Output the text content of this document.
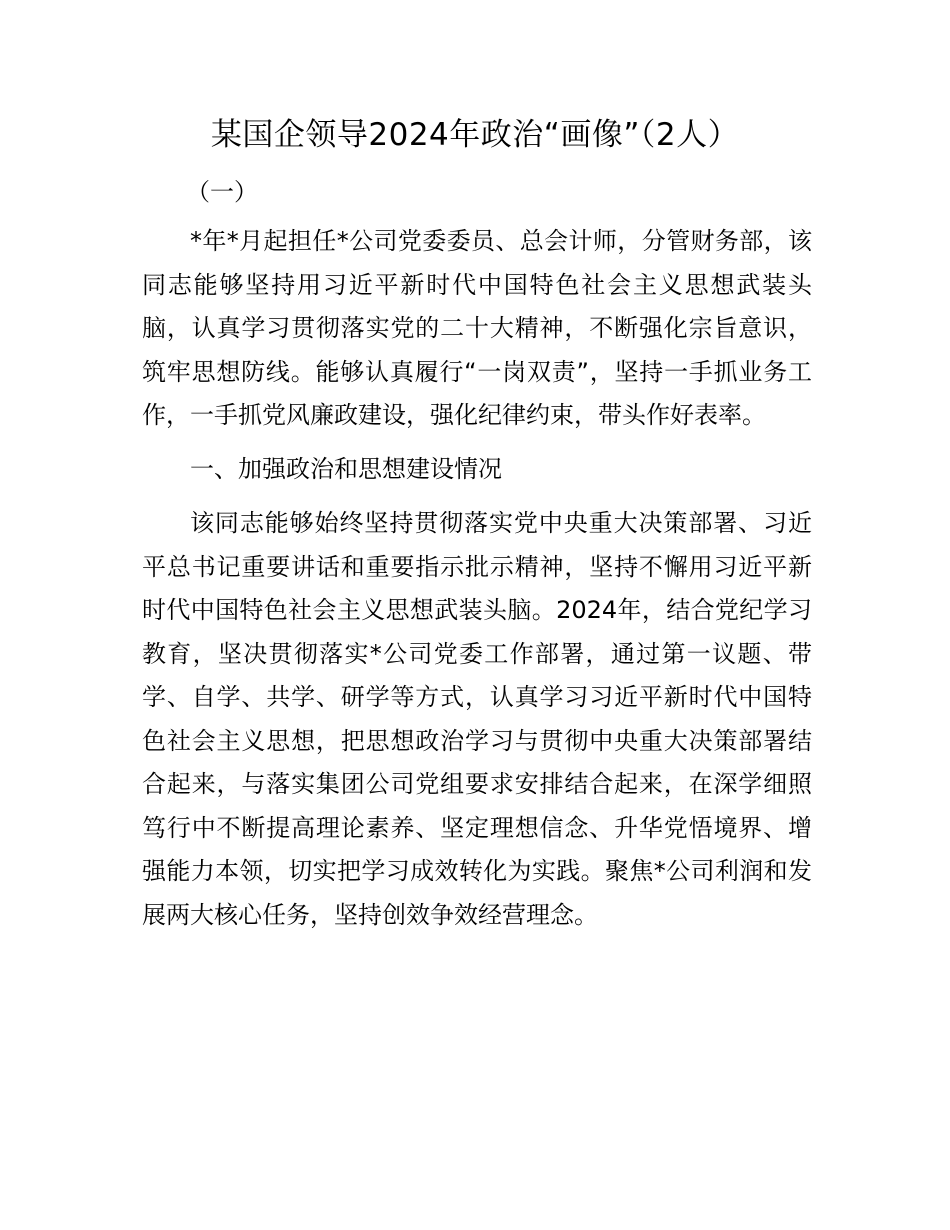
某国企领导2024年政治“画像”（2人）
（一）

*年*月起担任*公司党委委员、总会计师，分管财务部，该同志能够坚持用习近平新时代中国特色社会主义思想武装头脑，认真学习贯彻落实党的二十大精神，不断强化宗旨意识，筑牢思想防线。能够认真履行“一岗双责”，坚持一手抓业务工作，一手抓党风廉政建设，强化纪律约束，带头作好表率。

一、加强政治和思想建设情况

该同志能够始终坚持贯彻落实党中央重大决策部署、习近平总书记重要讲话和重要指示批示精神，坚持不懈用习近平新时代中国特色社会主义思想武装头脑。2024年，结合党纪学习教育，坚决贯彻落实*公司党委工作部署，通过第一议题、带学、自学、共学、研学等方式，认真学习习近平新时代中国特色社会主义思想，把思想政治学习与贯彻中央重大决策部署结合起来，与落实集团公司党组要求安排结合起来，在深学细照笃行中不断提高理论素养、坚定理想信念、升华党悟境界、增强能力本领，切实把学习成效转化为实践。聚焦*公司利润和发展两大核心任务，坚持创效争效经营理念。
